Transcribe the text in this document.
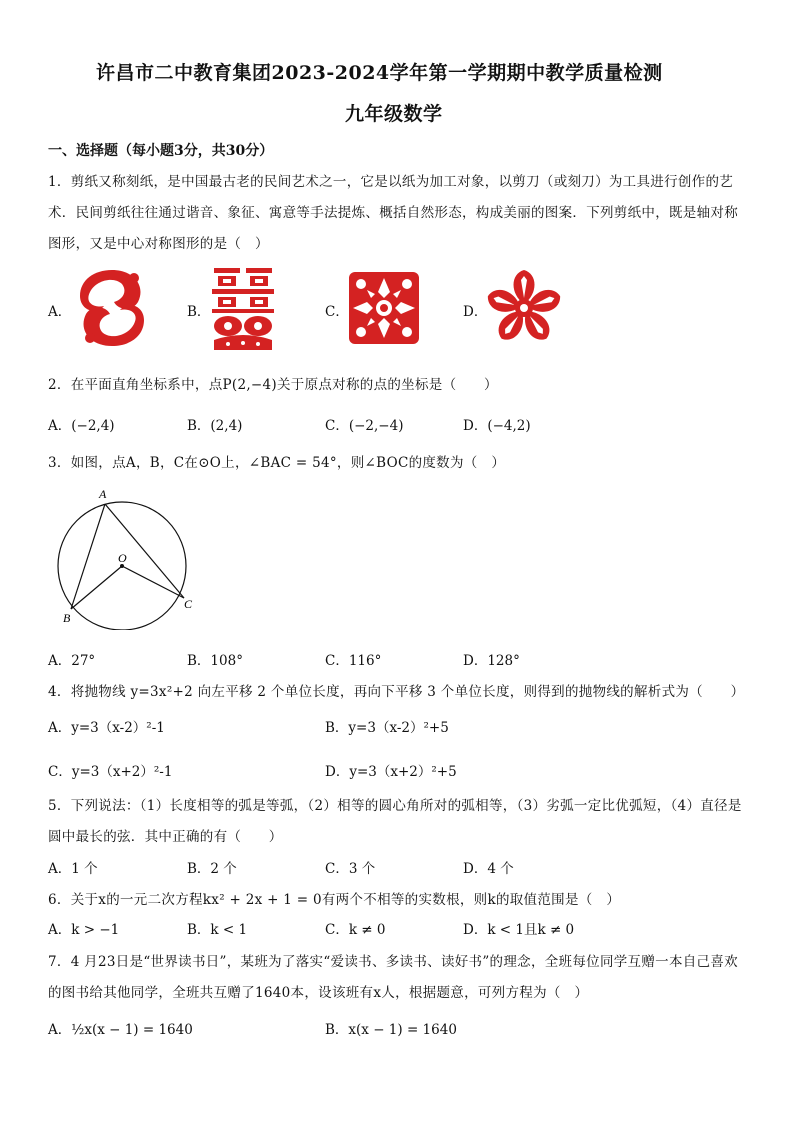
许昌市二中教育集团2023-2024学年第一学期期中教学质量检测
九年级数学
一、选择题（每小题3分，共30分）
1．剪纸又称刻纸，是中国最古老的民间艺术之一，它是以纸为加工对象，以剪刀（或刻刀）为工具进行创作的艺
术．民间剪纸往往通过谐音、象征、寓意等手法提炼、概括自然形态，构成美丽的图案．下列剪纸中，既是轴对称
图形，又是中心对称图形的是（　）
A．	B．	C．	D．
2．在平面直角坐标系中，点P(2,−4)关于原点对称的点的坐标是（　　）
A．(−2,4)	B．(2,4)	C．(−2,−4)	D．(−4,2)
3．如图，点A，B，C在⊙O上，∠BAC = 54°，则∠BOC的度数为（　）
A
O
B
C
A．27°	B．108°	C．116°	D．128°
4．将抛物线 y=3x²+2 向左平移 2 个单位长度，再向下平移 3 个单位长度，则得到的抛物线的解析式为（　　）
A．y=3（x-2）²-1	B．y=3（x-2）²+5
C．y=3（x+2）²-1	D．y=3（x+2）²+5
5．下列说法：（1）长度相等的弧是等弧，（2）相等的圆心角所对的弧相等，（3）劣弧一定比优弧短，（4）直径是
圆中最长的弦．其中正确的有（　　）
A．1 个	B．2 个	C．3 个	D．4 个
6．关于x的一元二次方程kx² + 2x + 1 = 0有两个不相等的实数根，则k的取值范围是（　）
A．k > −1	B．k < 1	C．k ≠ 0	D．k < 1且k ≠ 0
7．4 月23日是“世界读书日”，某班为了落实“爱读书、多读书、读好书”的理念，全班每位同学互赠一本自己喜欢
的图书给其他同学，全班共互赠了1640本，设该班有x人，根据题意，可列方程为（　）
A．½x(x − 1) = 1640	B．x(x − 1) = 1640
